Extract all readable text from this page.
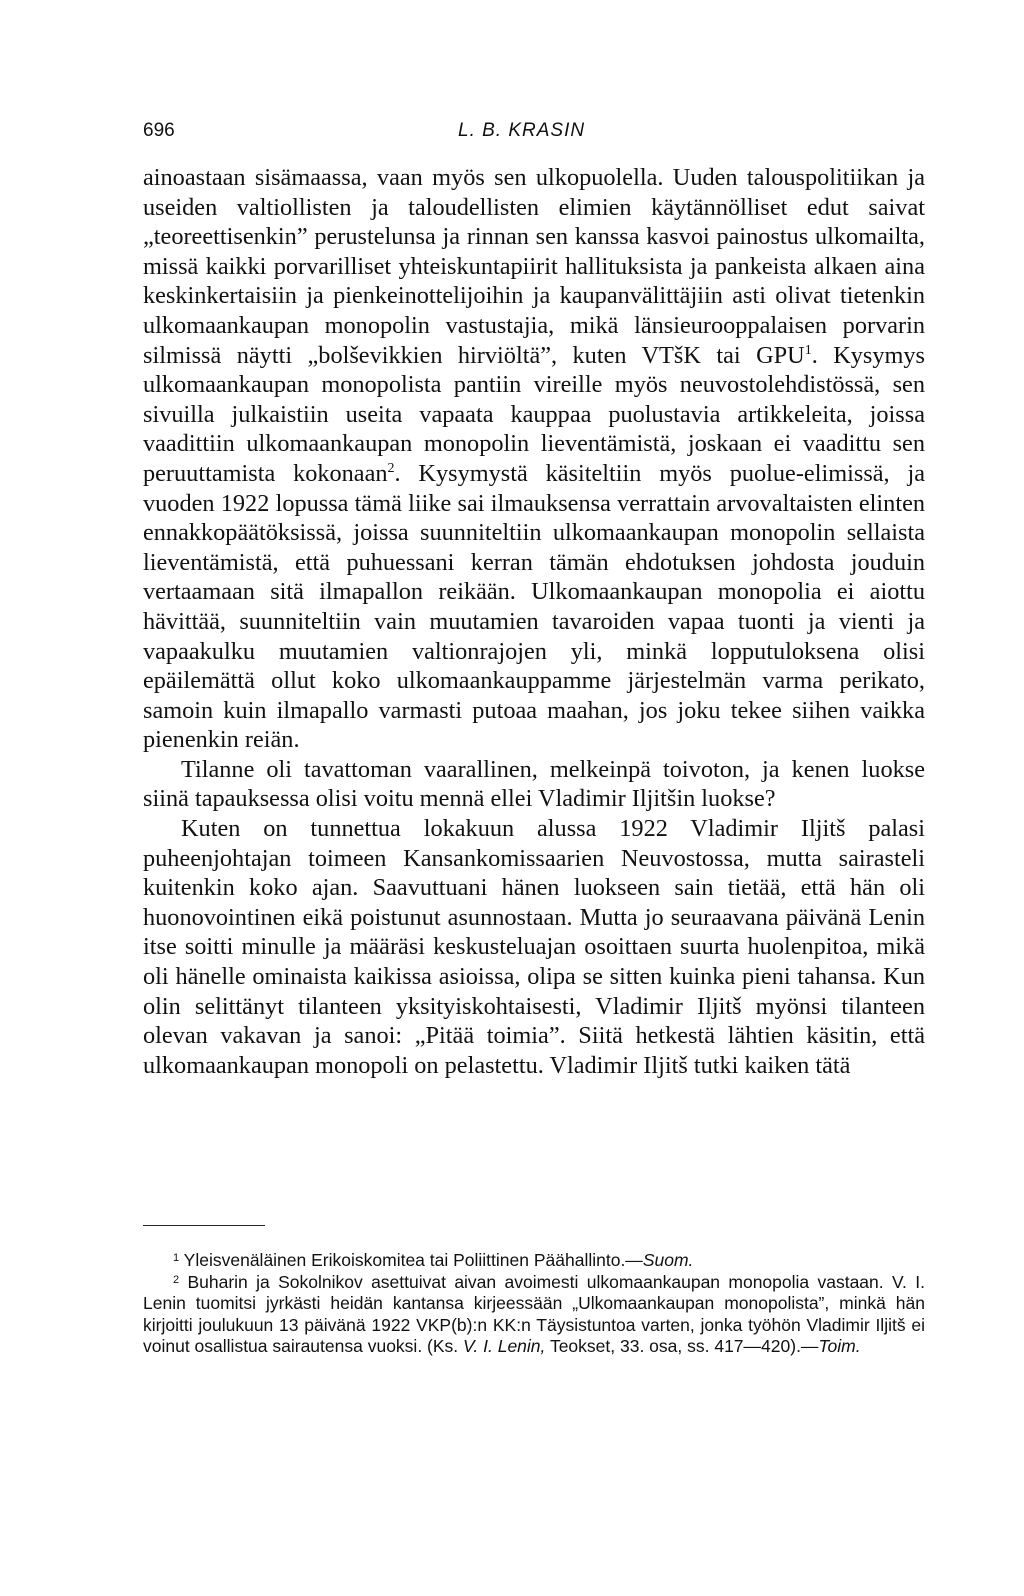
696	L. B. KRASIN

ainoastaan sisämaassa, vaan myös sen ulkopuolella. Uuden talouspolitiikan ja useiden valtiollisten ja taloudellisten elimien käytännölliset edut saivat „teoreettisenkin” perustelunsa ja rinnan sen kanssa kasvoi painostus ulkomailta, missä kaikki porvarilliset yhteiskuntapiirit hallituksista ja pankeista alkaen aina keskinkertaisiin ja pienkeinottelijoihin ja kaupanvälittäjiin asti olivat tietenkin ulkomaankaupan monopolin vastustajia, mikä länsieurooppalaisen porvarin silmissä näytti „bolševikkien hirviöltä”, kuten VTšK tai GPU$^1$. Kysymys ulkomaankaupan monopolista pantiin vireille myös neuvostolehdistössä, sen sivuilla julkaistiin useita vapaata kauppaa puolustavia artikkeleita, joissa vaadittiin ulkomaankaupan monopolin lieventämistä, joskaan ei vaadittu sen peruuttamista kokonaan$^2$. Kysymystä käsiteltiin myös puolue-elimissä, ja vuoden 1922 lopussa tämä liike sai ilmauksensa verrattain arvovaltaisten elinten ennakkopäätöksissä, joissa suunniteltiin ulkomaankaupan monopolin sellaista lieventämistä, että puhuessani kerran tämän ehdotuksen johdosta jouduin vertaamaan sitä ilmapallon reikään. Ulkomaankaupan monopolia ei aiottu hävittää, suunniteltiin vain muutamien tavaroiden vapaa tuonti ja vienti ja vapaakulku muutamien valtionrajojen yli, minkä lopputuloksena olisi epäilemättä ollut koko ulkomaankauppamme järjestelmän varma perikato, samoin kuin ilmapallo varmasti putoaa maahan, jos joku tekee siihen vaikka pienenkin reiän.

Tilanne oli tavattoman vaarallinen, melkeinpä toivoton, ja kenen luokse siinä tapauksessa olisi voitu mennä ellei Vladimir Iljitšin luokse?

Kuten on tunnettua lokakuun alussa 1922 Vladimir Iljitš palasi puheenjohtajan toimeen Kansankomissaarien Neuvostossa, mutta sairasteli kuitenkin koko ajan. Saavuttuani hänen luokseen sain tietää, että hän oli huonovointinen eikä poistunut asunnostaan. Mutta jo seuraavana päivänä Lenin itse soitti minulle ja määräsi keskusteluajan osoittaen suurta huolenpitoa, mikä oli hänelle ominaista kaikissa asioissa, olipa se sitten kuinka pieni tahansa. Kun olin selittänyt tilanteen yksityiskohtaisesti, Vladimir Iljitš myönsi tilanteen olevan vakavan ja sanoi: „Pitää toimia”. Siitä hetkestä lähtien käsitin, että ulkomaankaupan monopoli on pelastettu. Vladimir Iljitš tutki kaiken tätä

$^1$ Yleisvenäläinen Erikoiskomitea tai Poliittinen Päähallinto.—Suom.

$^2$ Buharin ja Sokolnikov asettuivat aivan avoimesti ulkomaankaupan monopolia vastaan. V. I. Lenin tuomitsi jyrkästi heidän kantansa kirjeessään „Ulkomaankaupan monopolista”, minkä hän kirjoitti joulukuun 13 päivänä 1922 VKP(b):n KK:n Täysistuntoa varten, jonka työhön Vladimir Iljitš ei voinut osallistua sairautensa vuoksi. (Ks. V. I. Lenin, Teokset, 33. osa, ss. 417—420).—Toim.
